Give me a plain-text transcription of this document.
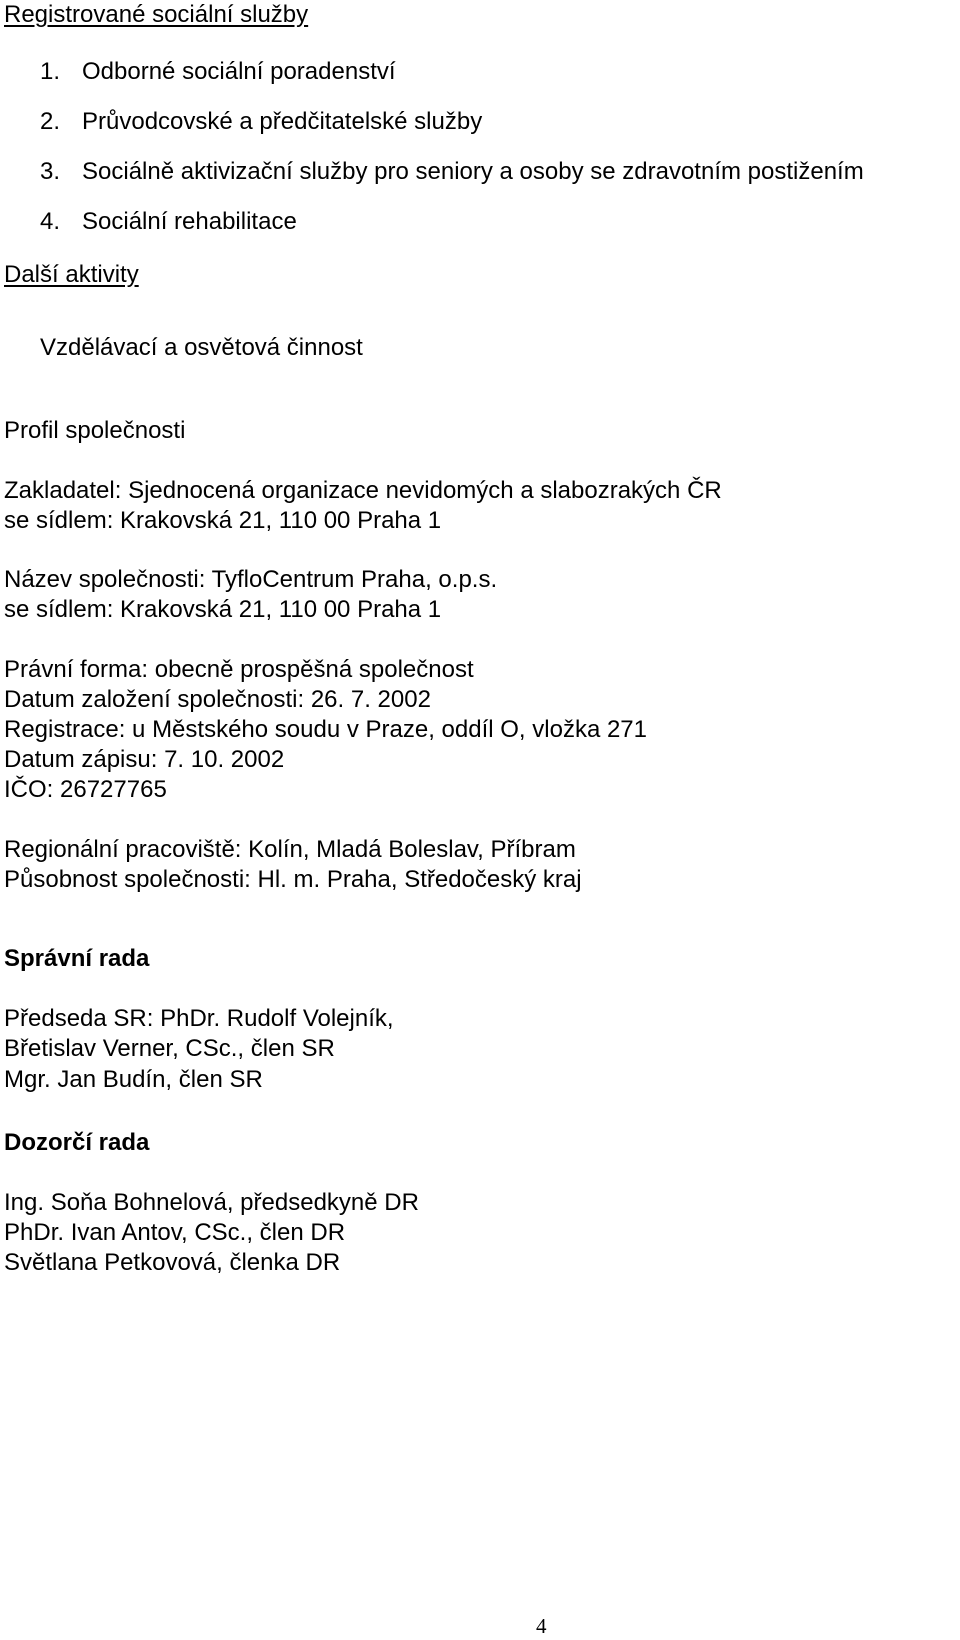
Registrované sociální služby
1. Odborné sociální poradenství
2. Průvodcovské a předčitatelské služby
3. Sociálně aktivizační služby pro seniory a osoby se zdravotním postižením
4. Sociální rehabilitace
Další aktivity
Vzdělávací a osvětová činnost
Profil společnosti
Zakladatel: Sjednocená organizace nevidomých a slabozrakých ČR
se sídlem: Krakovská 21, 110 00 Praha 1
Název společnosti: TyfloCentrum Praha, o.p.s.
se sídlem: Krakovská 21, 110 00 Praha 1
Právní forma: obecně prospěšná společnost
Datum založení společnosti: 26. 7. 2002
Registrace: u Městského soudu v Praze, oddíl O, vložka 271
Datum zápisu: 7. 10. 2002
IČO: 26727765
Regionální pracoviště: Kolín, Mladá Boleslav, Příbram
Působnost společnosti: Hl. m. Praha, Středočeský kraj
Správní rada
Předseda SR: PhDr. Rudolf Volejník,
Břetislav Verner, CSc., člen SR
Mgr. Jan Budín, člen SR
Dozorčí rada
Ing. Soňa Bohnelová, předsedkyně DR
PhDr. Ivan Antov, CSc., člen DR
Světlana Petkovová, členka DR
4
